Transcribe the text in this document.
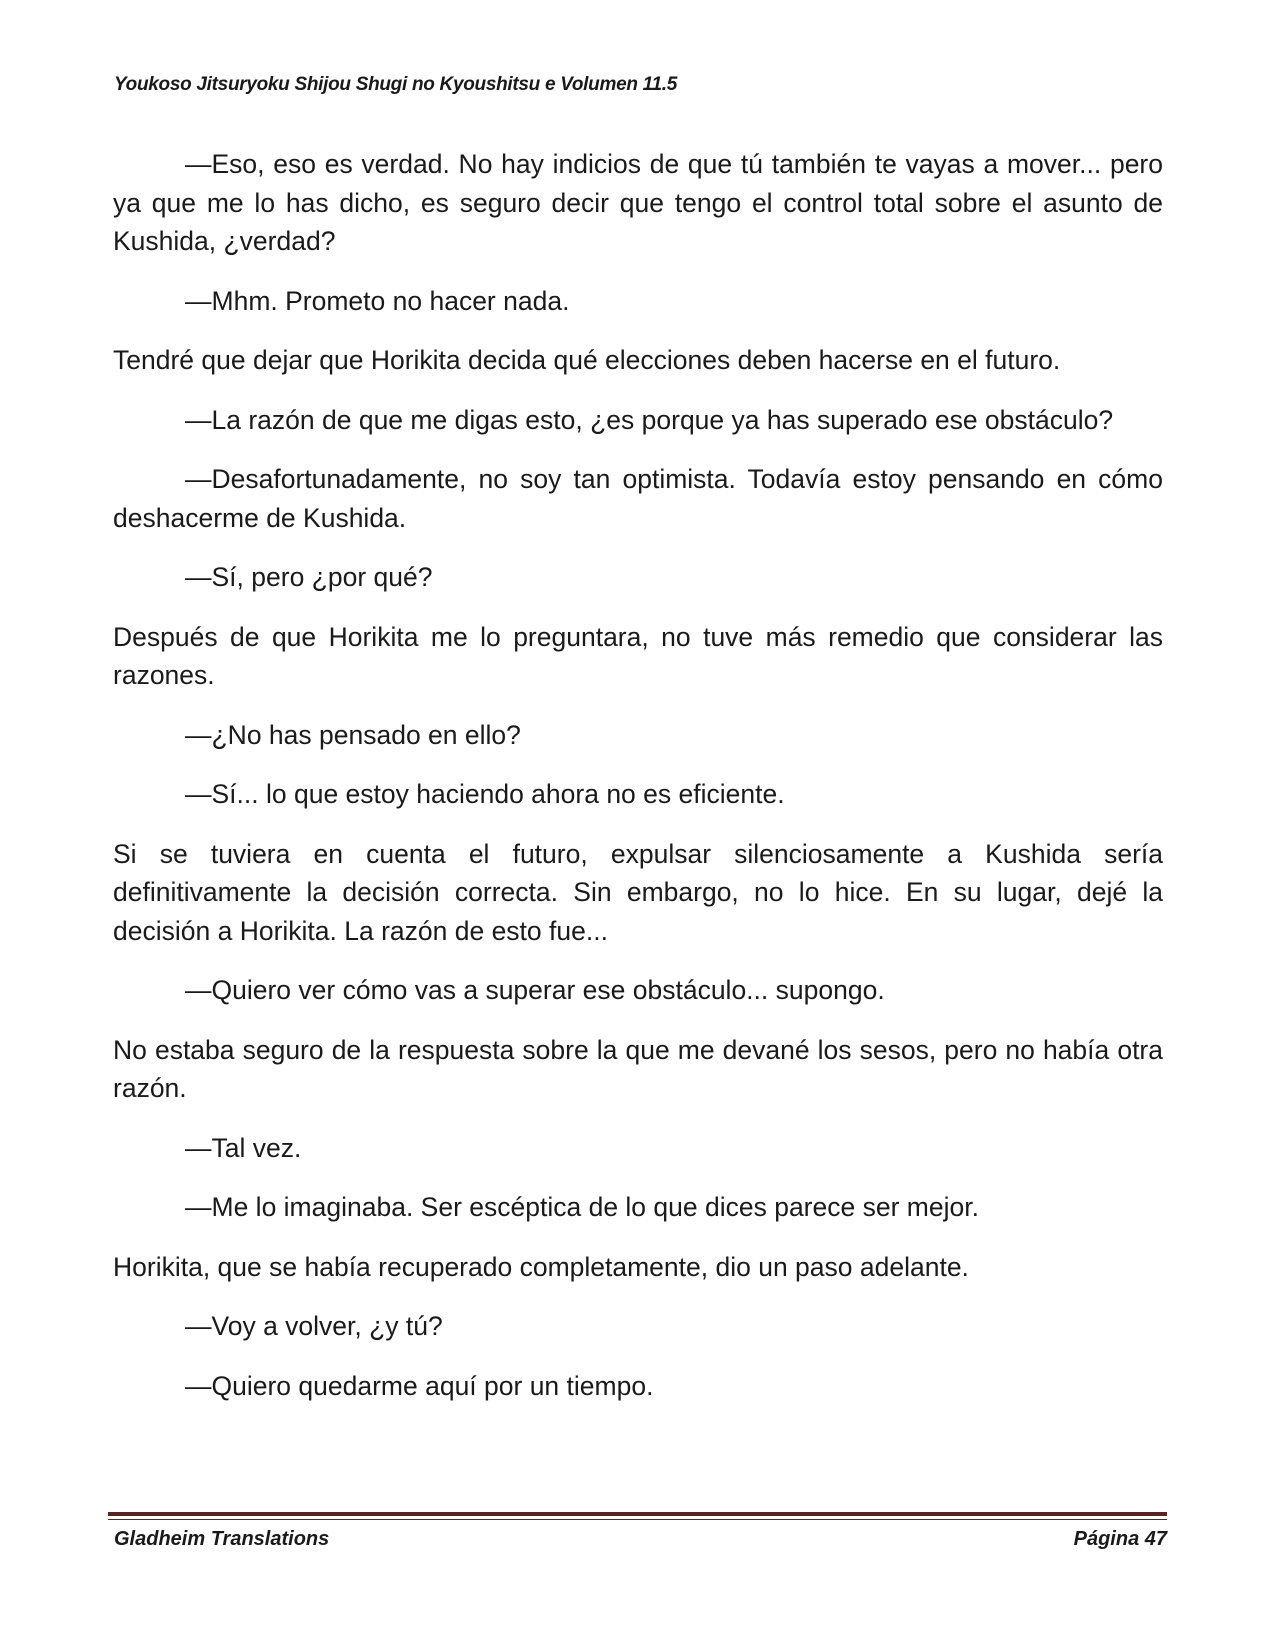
Youkoso Jitsuryoku Shijou Shugi no Kyoushitsu e Volumen 11.5

—Eso, eso es verdad. No hay indicios de que tú también te vayas a mover... pero ya que me lo has dicho, es seguro decir que tengo el control total sobre el asunto de Kushida, ¿verdad?

—Mhm. Prometo no hacer nada.

Tendré que dejar que Horikita decida qué elecciones deben hacerse en el futuro.

—La razón de que me digas esto, ¿es porque ya has superado ese obstáculo?

—Desafortunadamente, no soy tan optimista. Todavía estoy pensando en cómo deshacerme de Kushida.

—Sí, pero ¿por qué?

Después de que Horikita me lo preguntara, no tuve más remedio que considerar las razones.

—¿No has pensado en ello?

—Sí... lo que estoy haciendo ahora no es eficiente.

Si se tuviera en cuenta el futuro, expulsar silenciosamente a Kushida sería definitivamente la decisión correcta. Sin embargo, no lo hice. En su lugar, dejé la decisión a Horikita. La razón de esto fue...

—Quiero ver cómo vas a superar ese obstáculo... supongo.

No estaba seguro de la respuesta sobre la que me devané los sesos, pero no había otra razón.

—Tal vez.

—Me lo imaginaba. Ser escéptica de lo que dices parece ser mejor.

Horikita, que se había recuperado completamente, dio un paso adelante.

—Voy a volver, ¿y tú?

—Quiero quedarme aquí por un tiempo.

Gladheim Translations	Página 47
